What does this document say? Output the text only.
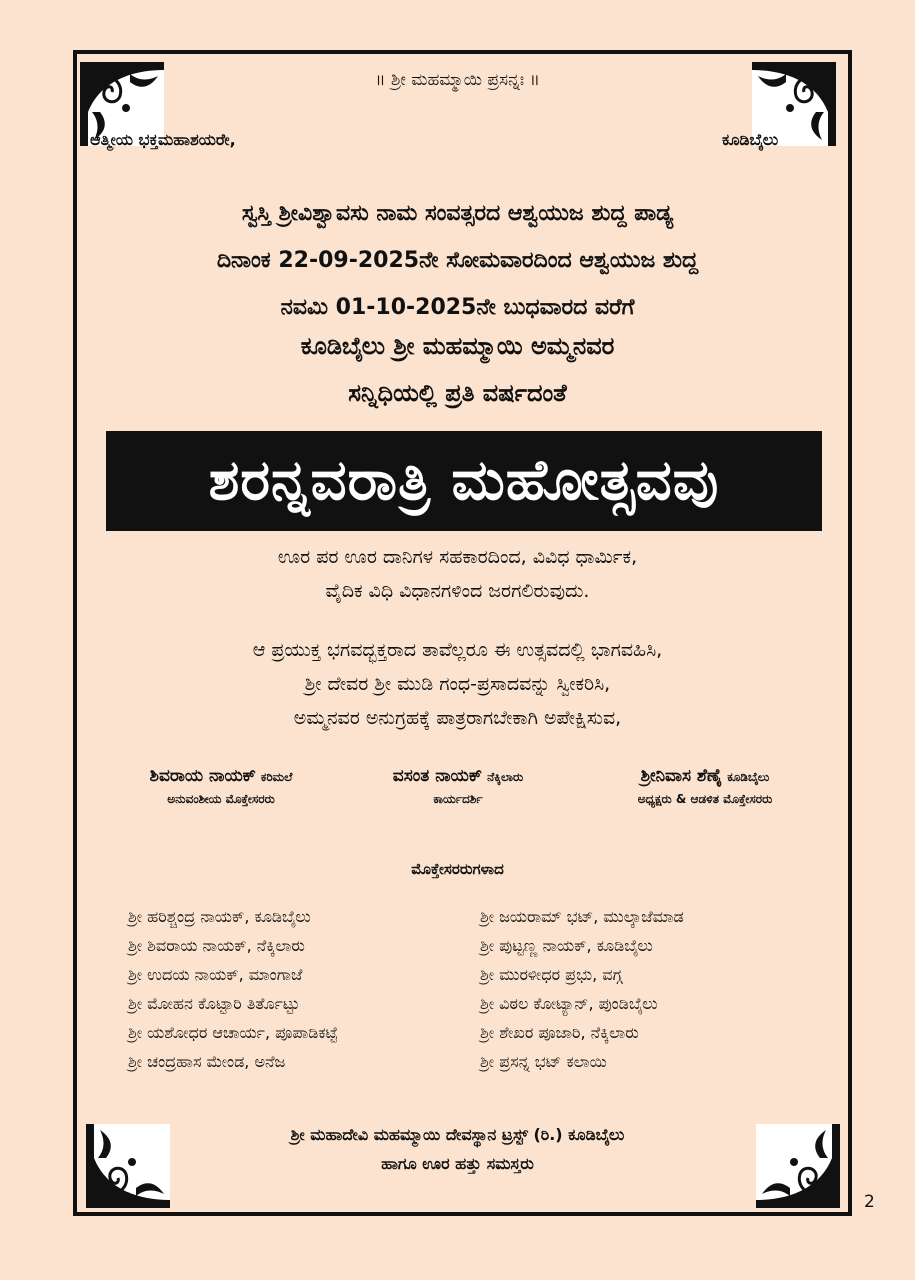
॥ ಶ್ರೀ ಮಹಮ್ಮಾಯಿ ಪ್ರಸನ್ನಃ ॥
ಆತ್ಮೀಯ ಭಕ್ತಮಹಾಶಯರೇ,	ಕೂಡಿಬೈಲು
ಸ್ವಸ್ತಿ ಶ್ರೀವಿಶ್ವಾವಸು ನಾಮ ಸಂವತ್ಸರದ ಆಶ್ವಯುಜ ಶುದ್ದ ಪಾಡ್ಯ
ದಿನಾಂಕ 22-09-2025ನೇ ಸೋಮವಾರದಿಂದ ಆಶ್ವಯುಜ ಶುದ್ದ
ನವಮಿ 01-10-2025ನೇ ಬುಧವಾರದ ವರೆಗೆ
ಕೂಡಿಬೈಲು ಶ್ರೀ ಮಹಮ್ಮಾಯಿ ಅಮ್ಮನವರ
ಸನ್ನಿಧಿಯಲ್ಲಿ ಪ್ರತಿ ವರ್ಷದಂತೆ
ಶರನ್ನವರಾತ್ರಿ ಮಹೋತ್ಸವವು
ಊರ ಪರ ಊರ ದಾನಿಗಳ ಸಹಕಾರದಿಂದ, ವಿವಿಧ ಧಾರ್ಮಿಕ,
ವೈದಿಕ ವಿಧಿ ವಿಧಾನಗಳಿಂದ ಜರಗಲಿರುವುದು.
ಆ ಪ್ರಯುಕ್ತ ಭಗವದ್ಭಕ್ತರಾದ ತಾವೆಲ್ಲರೂ ಈ ಉತ್ಸವದಲ್ಲಿ ಭಾಗವಹಿಸಿ,
ಶ್ರೀ ದೇವರ ಶ್ರೀ ಮುಡಿ ಗಂಧ-ಪ್ರಸಾದವನ್ನು ಸ್ವೀಕರಿಸಿ,
ಅಮ್ಮನವರ ಅನುಗ್ರಹಕ್ಕೆ ಪಾತ್ರರಾಗಬೇಕಾಗಿ ಅಪೇಕ್ಷಿಸುವ,
ಶಿವರಾಯ ನಾಯಕ್ ಕರಿಮಲೆ
ಅನುವಂಶೀಯ ಮೊಕ್ತೇಸರರು
ವಸಂತ ನಾಯಕ್ ನೆಕ್ಕಿಲಾರು
ಕಾರ್ಯದರ್ಶಿ
ಶ್ರೀನಿವಾಸ ಶೆಣೈ ಕೂಡಿಬೈಲು
ಅಧ್ಯಕ್ಷರು & ಆಡಳಿತ ಮೊಕ್ತೇಸರರು
ಮೊಕ್ತೇಸರರುಗಳಾದ
ಶ್ರೀ ಹರಿಶ್ಚಂದ್ರ ನಾಯಕ್, ಕೂಡಿಬೈಲು	ಶ್ರೀ ಜಯರಾಮ್ ಭಟ್, ಮುಲ್ಕಾಜೆಮಾಡ
ಶ್ರೀ ಶಿವರಾಯ ನಾಯಕ್, ನೆಕ್ಕಿಲಾರು	ಶ್ರೀ ಪುಟ್ಟಣ್ಣ ನಾಯಕ್, ಕೂಡಿಬೈಲು
ಶ್ರೀ ಉದಯ ನಾಯಕ್, ಮಾಂಗಾಜೆ	ಶ್ರೀ ಮುರಳೀಧರ ಪ್ರಭು, ವಗ್ಗ
ಶ್ರೀ ಮೋಹನ ಕೊಟ್ಟಾರಿ ತಿರ್ತೊಟ್ಟು	ಶ್ರೀ ವಿಠಲ ಕೋಟ್ಯಾನ್, ಪುಂಡಿಬೈಲು
ಶ್ರೀ ಯಶೋಧರ ಆಚಾರ್ಯ, ಪೂಪಾಡಿಕಟ್ಟೆ	ಶ್ರೀ ಶೇಖರ ಪೂಜಾರಿ, ನೆಕ್ಕಿಲಾರು
ಶ್ರೀ ಚಂದ್ರಹಾಸ ಮೇಂಡ, ಅನೆಜ	ಶ್ರೀ ಪ್ರಸನ್ನ ಭಟ್ ಕಲಾಯಿ
ಶ್ರೀ ಮಹಾದೇವಿ ಮಹಮ್ಮಾಯಿ ದೇವಸ್ಥಾನ ಟ್ರಸ್ಟ್ (ರಿ.) ಕೂಡಿಬೈಲು
ಹಾಗೂ ಊರ ಹತ್ತು ಸಮಸ್ತರು
2
